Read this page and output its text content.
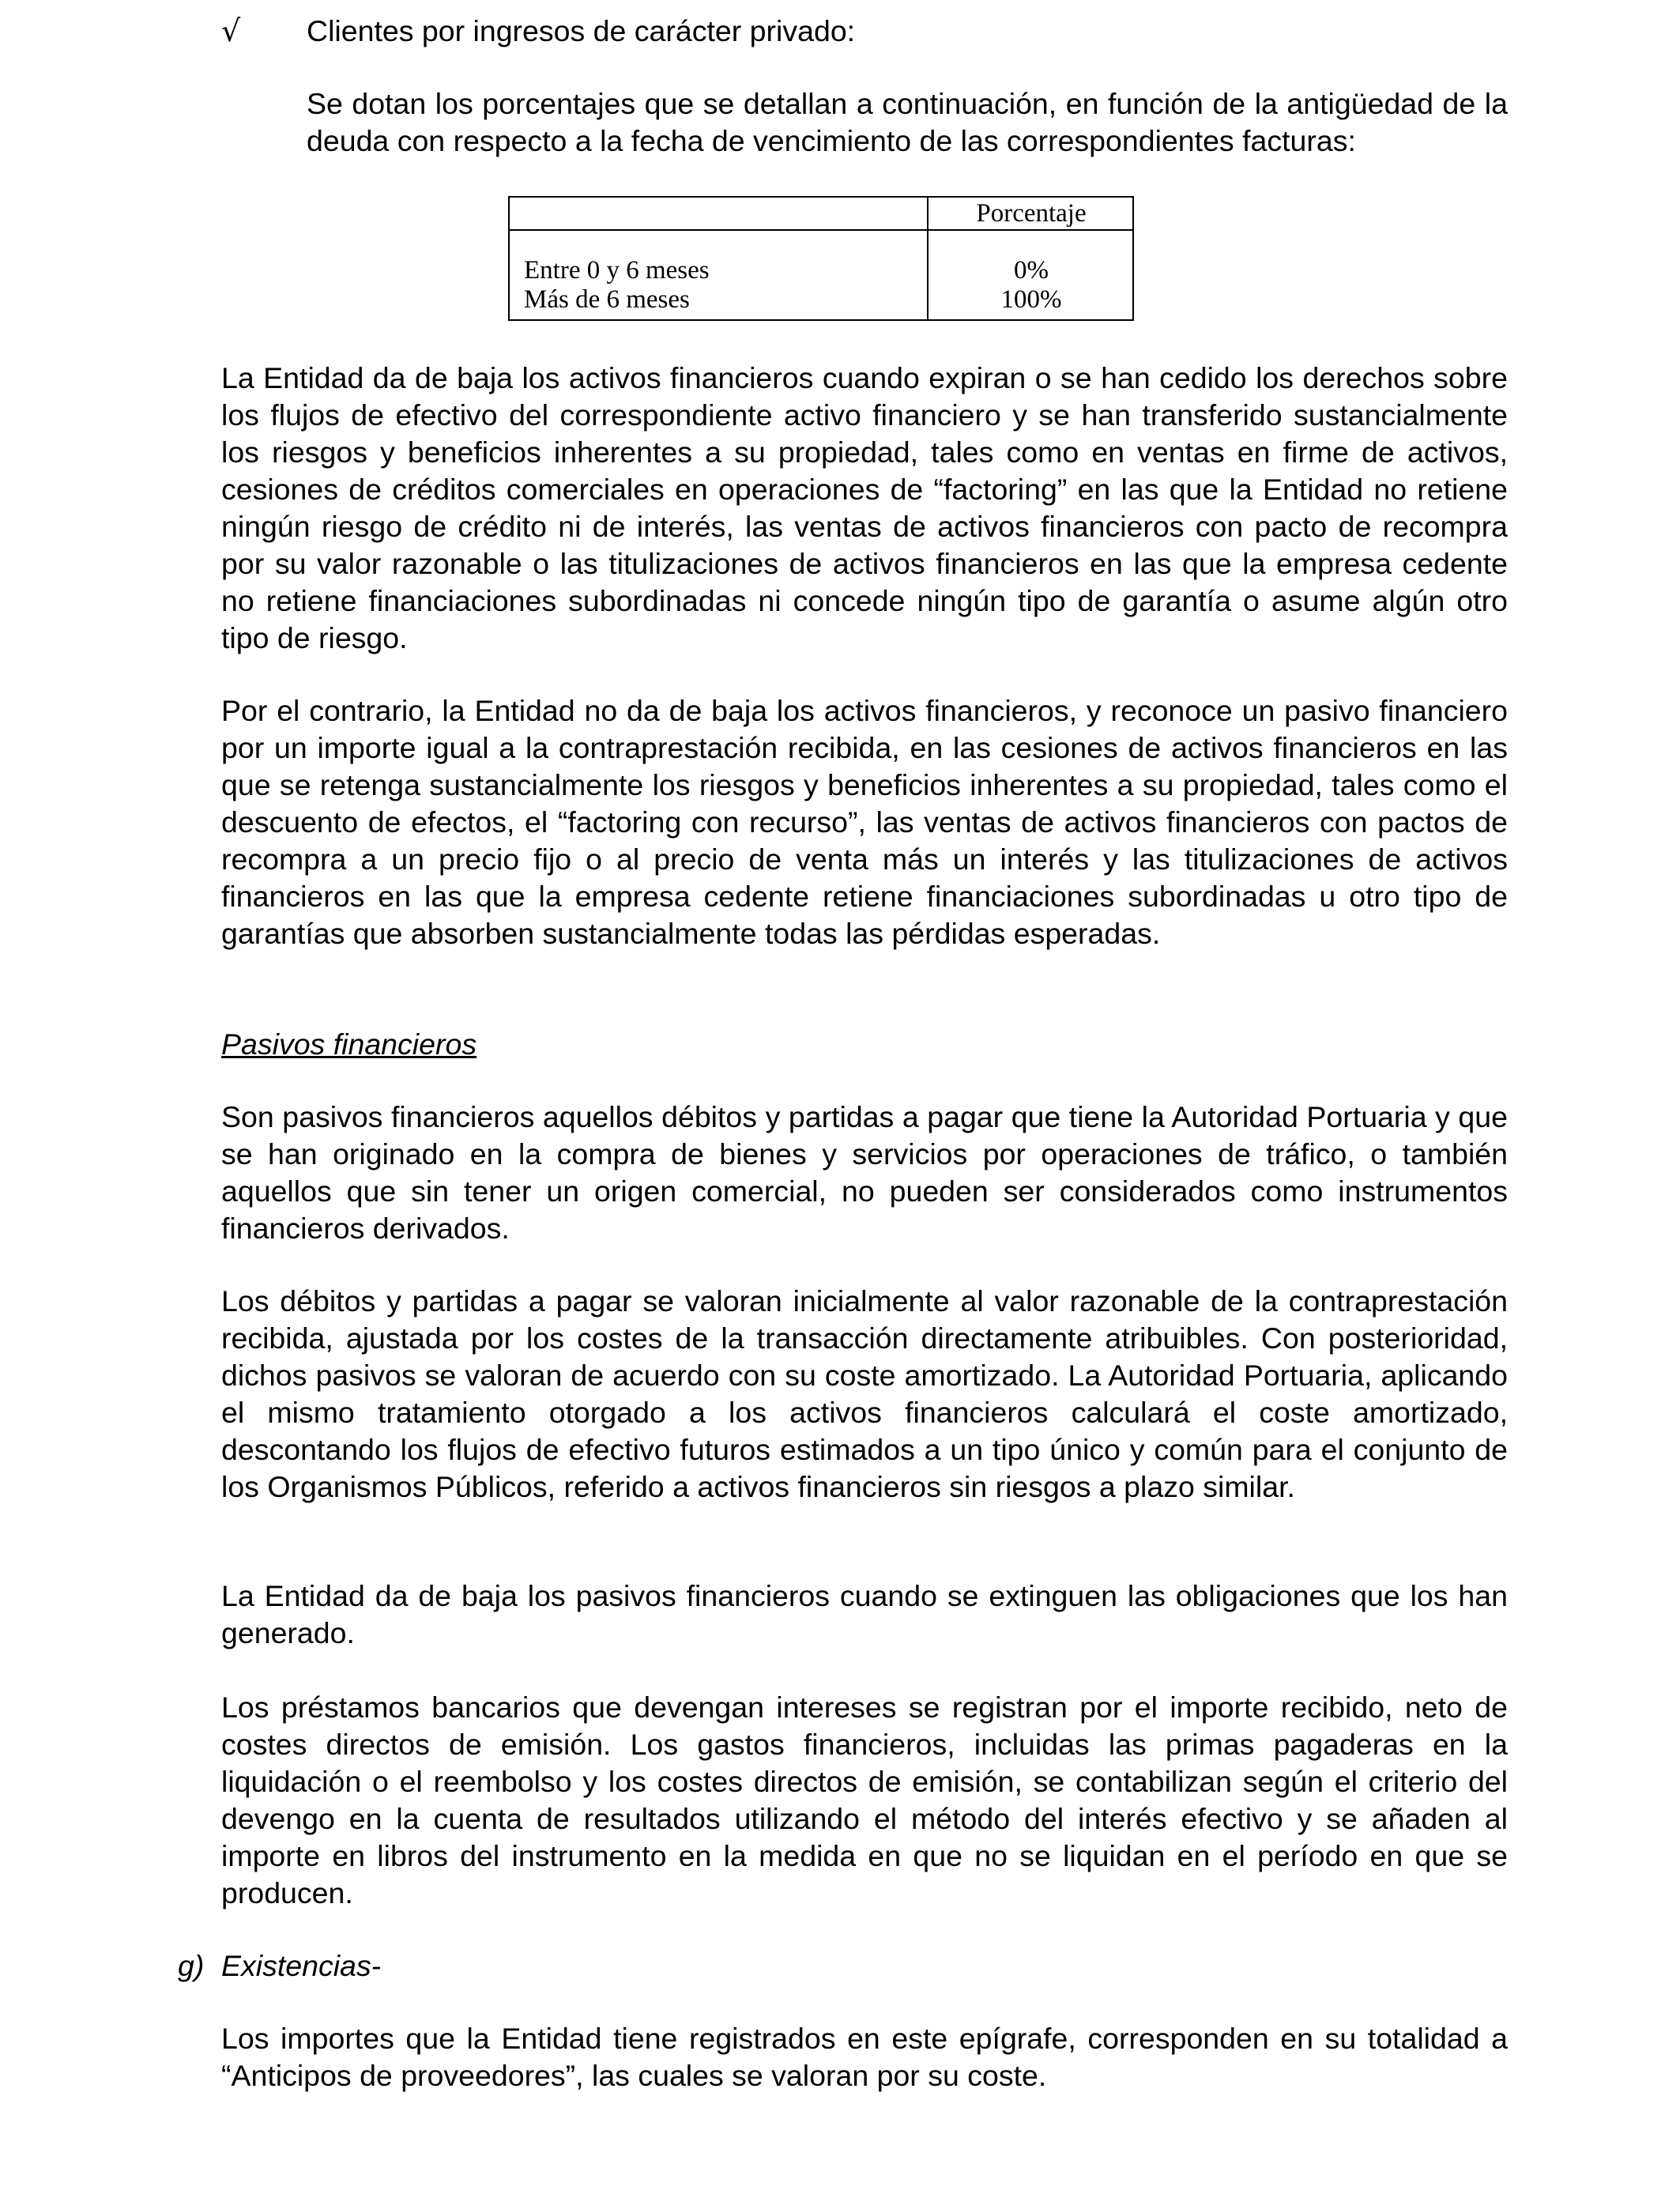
√ Clientes por ingresos de carácter privado:

Se dotan los porcentajes que se detallan a continuación, en función de la antigüedad de la deuda con respecto a la fecha de vencimiento de las correspondientes facturas:

Porcentaje
Entre 0 y 6 meses	0%
Más de 6 meses	100%

La Entidad da de baja los activos financieros cuando expiran o se han cedido los derechos sobre los flujos de efectivo del correspondiente activo financiero y se han transferido sustancialmente los riesgos y beneficios inherentes a su propiedad, tales como en ventas en firme de activos, cesiones de créditos comerciales en operaciones de “factoring” en las que la Entidad no retiene ningún riesgo de crédito ni de interés, las ventas de activos financieros con pacto de recompra por su valor razonable o las titulizaciones de activos financieros en las que la empresa cedente no retiene financiaciones subordinadas ni concede ningún tipo de garantía o asume algún otro tipo de riesgo.

Por el contrario, la Entidad no da de baja los activos financieros, y reconoce un pasivo financiero por un importe igual a la contraprestación recibida, en las cesiones de activos financieros en las que se retenga sustancialmente los riesgos y beneficios inherentes a su propiedad, tales como el descuento de efectos, el “factoring con recurso”, las ventas de activos financieros con pactos de recompra a un precio fijo o al precio de venta más un interés y las titulizaciones de activos financieros en las que la empresa cedente retiene financiaciones subordinadas u otro tipo de garantías que absorben sustancialmente todas las pérdidas esperadas.

Pasivos financieros

Son pasivos financieros aquellos débitos y partidas a pagar que tiene la Autoridad Portuaria y que se han originado en la compra de bienes y servicios por operaciones de tráfico, o también aquellos que sin tener un origen comercial, no pueden ser considerados como instrumentos financieros derivados.

Los débitos y partidas a pagar se valoran inicialmente al valor razonable de la contraprestación recibida, ajustada por los costes de la transacción directamente atribuibles. Con posterioridad, dichos pasivos se valoran de acuerdo con su coste amortizado. La Autoridad Portuaria, aplicando el mismo tratamiento otorgado a los activos financieros calculará el coste amortizado, descontando los flujos de efectivo futuros estimados a un tipo único y común para el conjunto de los Organismos Públicos, referido a activos financieros sin riesgos a plazo similar.

La Entidad da de baja los pasivos financieros cuando se extinguen las obligaciones que los han generado.

Los préstamos bancarios que devengan intereses se registran por el importe recibido, neto de costes directos de emisión. Los gastos financieros, incluidas las primas pagaderas en la liquidación o el reembolso y los costes directos de emisión, se contabilizan según el criterio del devengo en la cuenta de resultados utilizando el método del interés efectivo y se añaden al importe en libros del instrumento en la medida en que no se liquidan en el período en que se producen.

g) Existencias-

Los importes que la Entidad tiene registrados en este epígrafe, corresponden en su totalidad a “Anticipos de proveedores”, las cuales se valoran por su coste.
